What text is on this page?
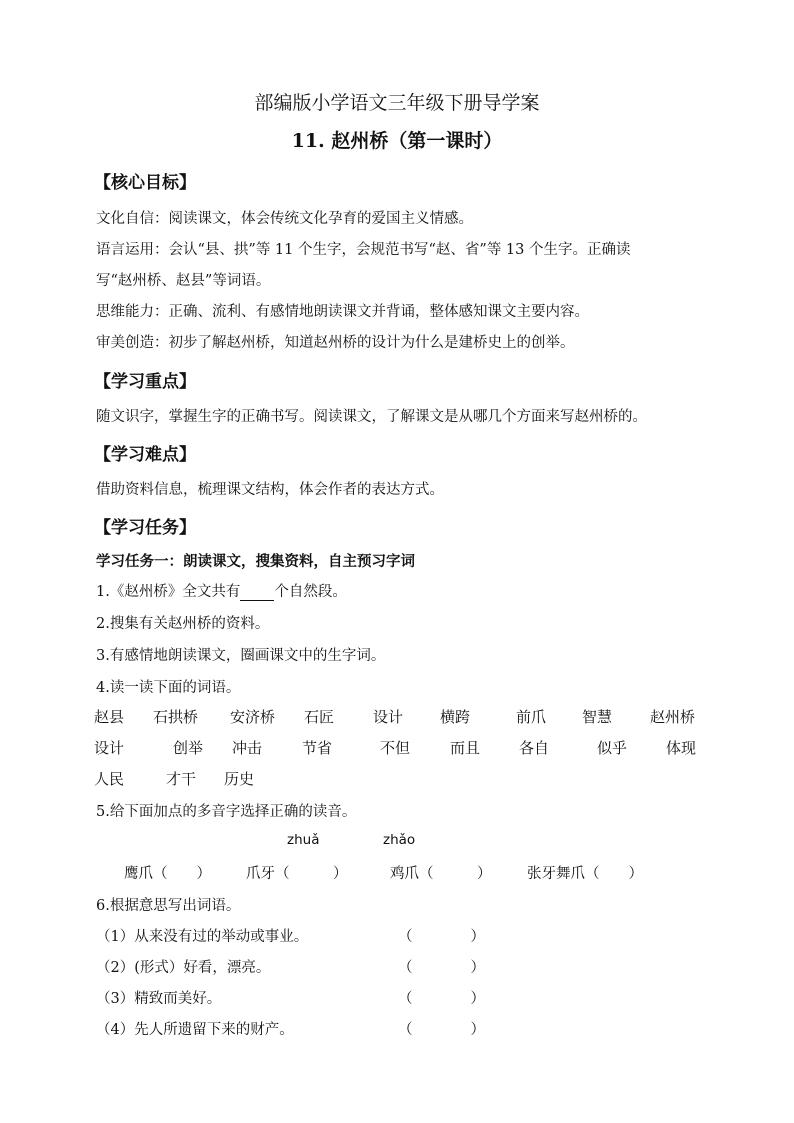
部编版小学语文三年级下册导学案
11. 赵州桥（第一课时）
【核心目标】
文化自信：阅读课文，体会传统文化孕育的爱国主义情感。
语言运用：会认“县、拱”等 11 个生字，会规范书写“赵、省”等 13 个生字。正确读
写“赵州桥、赵县”等词语。
思维能力：正确、流利、有感情地朗读课文并背诵，整体感知课文主要内容。
审美创造：初步了解赵州桥，知道赵州桥的设计为什么是建桥史上的创举。
【学习重点】
随文识字，掌握生字的正确书写。阅读课文，了解课文是从哪几个方面来写赵州桥的。
【学习难点】
借助资料信息，梳理课文结构，体会作者的表达方式。
【学习任务】
学习任务一：朗读课文，搜集资料，自主预习字词
1.《赵州桥》全文共有 个自然段。
2.搜集有关赵州桥的资料。
3.有感情地朗读课文，圈画课文中的生字词。
4.读一读下面的词语。
赵县 石拱桥 安济桥 石匠	设计 横跨	前爪 智慧	赵州桥
设计	创举 冲击	节省	不但	而且	各自	似乎	体现
人民	才干 历史
5.给下面加点的多音字选择正确的读音。
zhuǎ	zhǎo
鹰爪（　　） 爪牙（　　　）	鸡爪（　　　） 张牙舞爪（　　）
6.根据意思写出词语。
（1）从来没有过的举动或事业。	（　　　　）
（2）(形式）好看，漂亮。	（　　　　）
（3）精致而美好。	（　　　　）
（4）先人所遗留下来的财产。	（　　　　）
